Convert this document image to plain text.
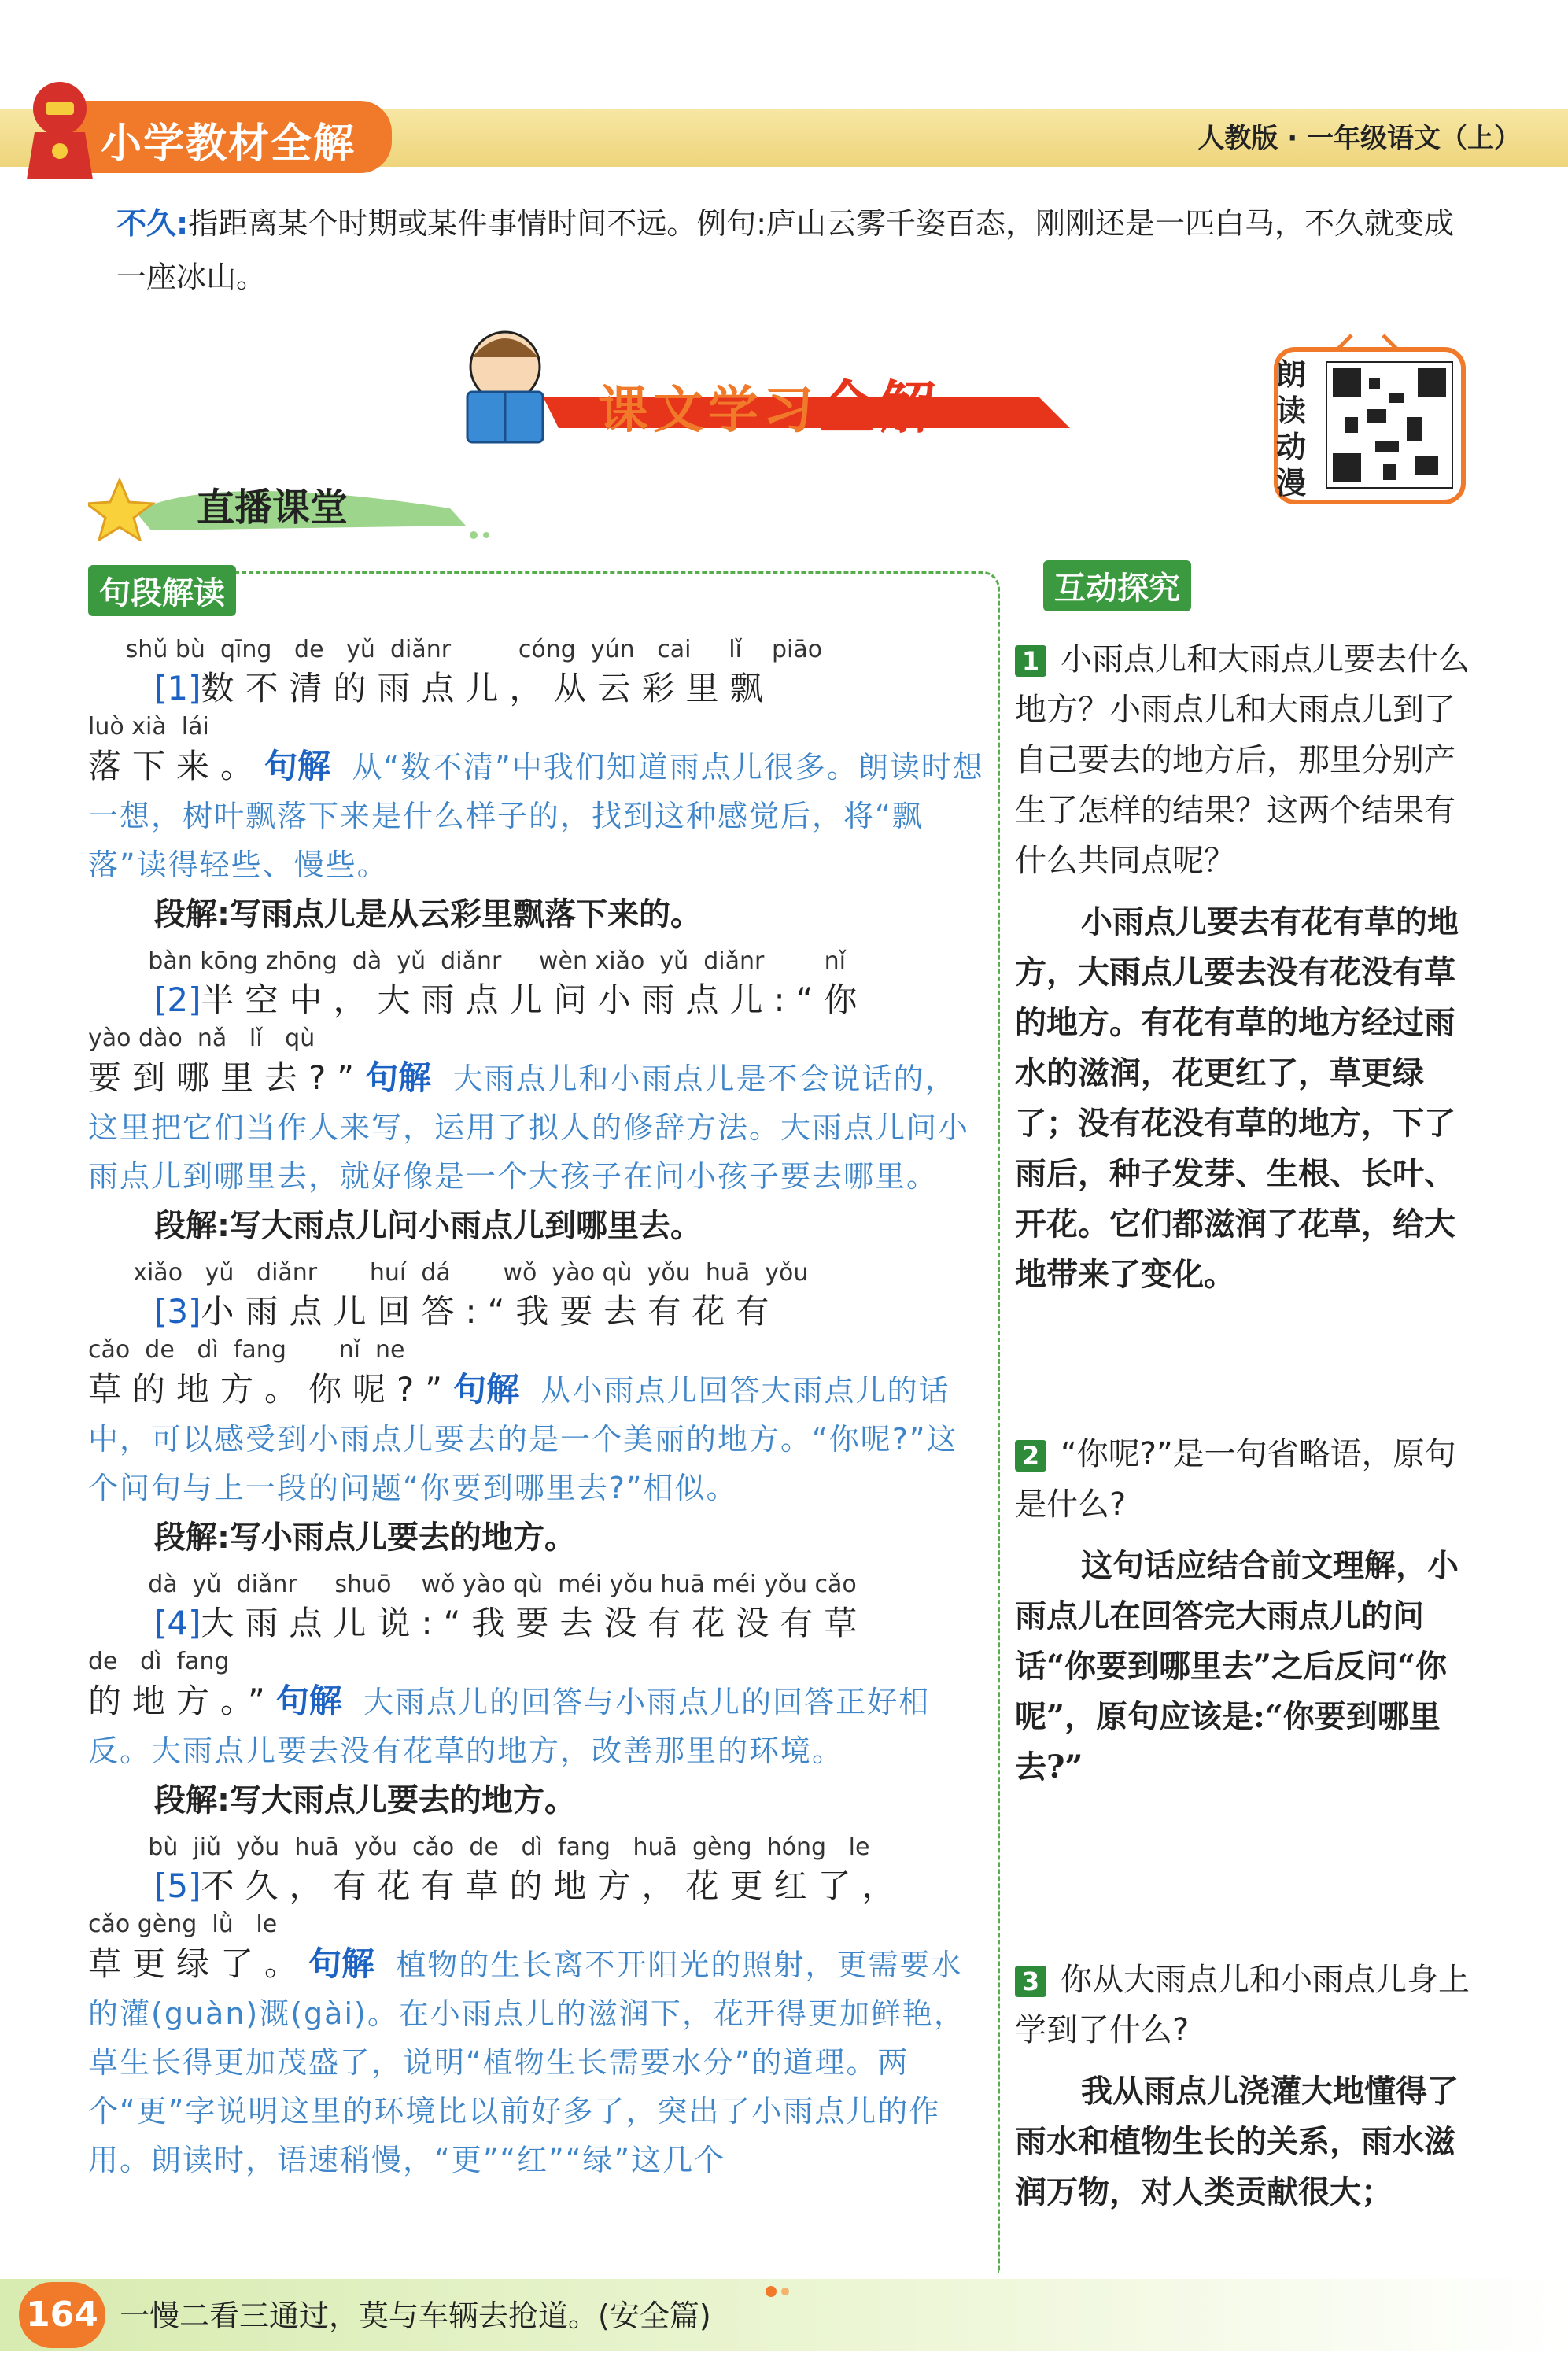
小学教材全解	人教版 · 一年级语文（上）
不久:指距离某个时期或某件事情时间不远。例句:庐山云雾千姿百态，刚刚还是一匹白马，不久就变成一座冰山。
课文学习全解	朗读动漫
直播课堂
句段解读	互动探究
shǔ bù  qīng   de   yǔ  diǎnr         cóng  yún   cai     lǐ    piāo
[1]数不清的雨点儿，从云彩里飘
luò xià  lái
落下来。句解 从“数不清”中我们知道雨点儿很多。朗读时想一想，树叶飘落下来是什么样子的，找到这种感觉后，将“飘落”读得轻些、慢些。
段解:写雨点儿是从云彩里飘落下来的。
bàn kōng zhōng  dà  yǔ  diǎnr     wèn xiǎo  yǔ  diǎnr        nǐ
[2]半空中，大雨点儿问小雨点儿:“你
yào dào  nǎ   lǐ   qù
要到哪里去?”句解 大雨点儿和小雨点儿是不会说话的，这里把它们当作人来写，运用了拟人的修辞方法。大雨点儿问小雨点儿到哪里去，就好像是一个大孩子在问小孩子要去哪里。
段解:写大雨点儿问小雨点儿到哪里去。
xiǎo   yǔ   diǎnr       huí  dá       wǒ  yào qù  yǒu  huā  yǒu
[3]小雨点儿回答:“我要去有花有
cǎo  de   dì  fang       nǐ  ne
草的地方。你呢?”句解 从小雨点儿回答大雨点儿的话中，可以感受到小雨点儿要去的是一个美丽的地方。“你呢?”这个问句与上一段的问题“你要到哪里去?”相似。
段解:写小雨点儿要去的地方。
dà  yǔ  diǎnr     shuō    wǒ yào qù  méi yǒu huā méi yǒu cǎo
[4]大雨点儿说:“我要去没有花没有草
de   dì  fang
的地方。”句解 大雨点儿的回答与小雨点儿的回答正好相反。大雨点儿要去没有花草的地方，改善那里的环境。
段解:写大雨点儿要去的地方。
bù  jiǔ  yǒu  huā  yǒu  cǎo  de   dì  fang   huā  gèng  hóng   le
[5]不久，有花有草的地方，花更红了，
cǎo gèng  lǜ   le
草更绿了。句解 植物的生长离不开阳光的照射，更需要水的灌(guàn)溉(gài)。在小雨点儿的滋润下，花开得更加鲜艳，草生长得更加茂盛了，说明“植物生长需要水分”的道理。两个“更”字说明这里的环境比以前好多了，突出了小雨点儿的作用。朗读时，语速稍慢，“更”“红”“绿”这几个
1 小雨点儿和大雨点儿要去什么地方？小雨点儿和大雨点儿到了自己要去的地方后，那里分别产生了怎样的结果？这两个结果有什么共同点呢？
小雨点儿要去有花有草的地方，大雨点儿要去没有花没有草的地方。有花有草的地方经过雨水的滋润，花更红了，草更绿了；没有花没有草的地方，下了雨后，种子发芽、生根、长叶、开花。它们都滋润了花草，给大地带来了变化。
2 “你呢?”是一句省略语，原句是什么?
这句话应结合前文理解，小雨点儿在回答完大雨点儿的问话“你要到哪里去”之后反问“你呢”，原句应该是:“你要到哪里去?”
3 你从大雨点儿和小雨点儿身上学到了什么?
我从雨点儿浇灌大地懂得了雨水和植物生长的关系，雨水滋润万物，对人类贡献很大；
164 一慢二看三通过，莫与车辆去抢道。(安全篇)
